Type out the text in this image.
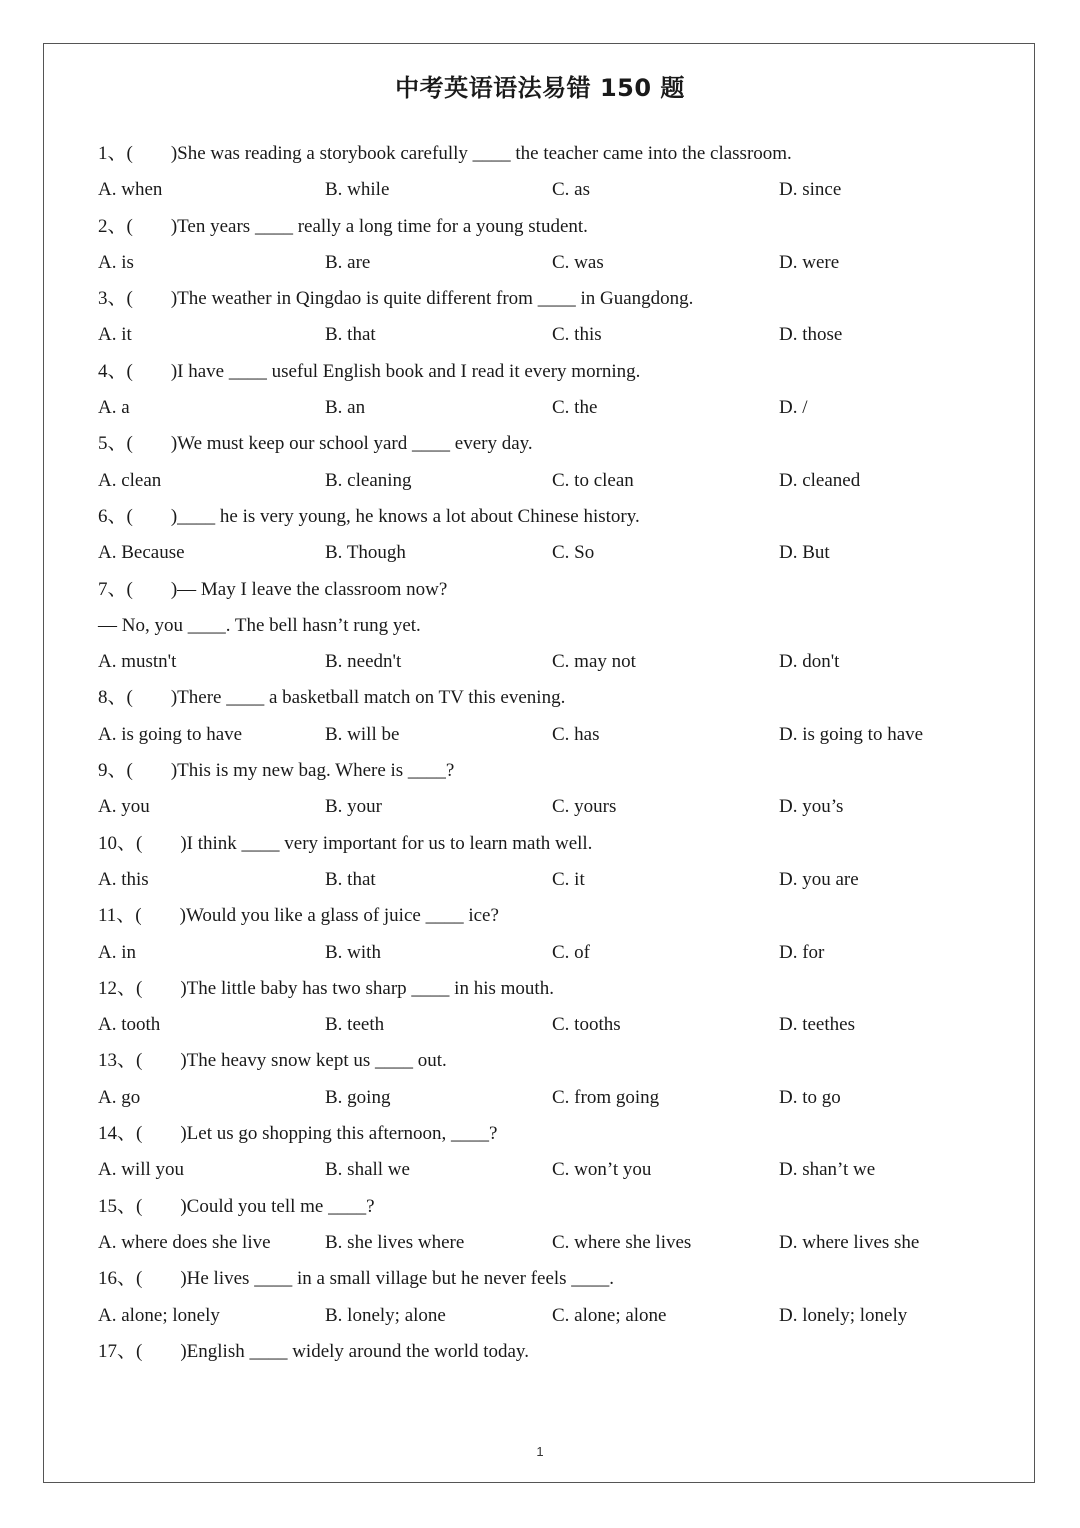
中考英语语法易错 150 题
1、(　　)She was reading a storybook carefully ____ the teacher came into the classroom.
A. when	B. while	C. as	D. since
2、(　　)Ten years ____ really a long time for a young student.
A. is	B. are	C. was	D. were
3、(　　)The weather in Qingdao is quite different from ____ in Guangdong.
A. it	B. that	C. this	D. those
4、(　　)I have ____ useful English book and I read it every morning.
A. a	B. an	C. the	D. /
5、(　　)We must keep our school yard ____ every day.
A. clean	B. cleaning	C. to clean	D. cleaned
6、(　　)____ he is very young, he knows a lot about Chinese history.
A. Because	B. Though	C. So	D. But
7、(　　)— May I leave the classroom now?
— No, you ____. The bell hasn’t rung yet.
A. mustn't	B. needn't	C. may not	D. don't
8、(　　)There ____ a basketball match on TV this evening.
A. is going to have	B. will be	C. has	D. is going to have
9、(　　)This is my new bag. Where is ____?
A. you	B. your	C. yours	D. you’s
10、(　　)I think ____ very important for us to learn math well.
A. this	B. that	C. it	D. you are
11、(　　)Would you like a glass of juice ____ ice?
A. in	B. with	C. of	D. for
12、(　　)The little baby has two sharp ____ in his mouth.
A. tooth	B. teeth	C. tooths	D. teethes
13、(　　)The heavy snow kept us ____ out.
A. go	B. going	C. from going	D. to go
14、(　　)Let us go shopping this afternoon, ____?
A. will you	B. shall we	C. won’t you	D. shan’t we
15、(　　)Could you tell me ____?
A. where does she live	B. she lives where	C. where she lives	D. where lives she
16、(　　)He lives ____ in a small village but he never feels ____.
A. alone; lonely	B. lonely; alone	C. alone; alone	D. lonely; lonely
17、(　　)English ____ widely around the world today.
1
